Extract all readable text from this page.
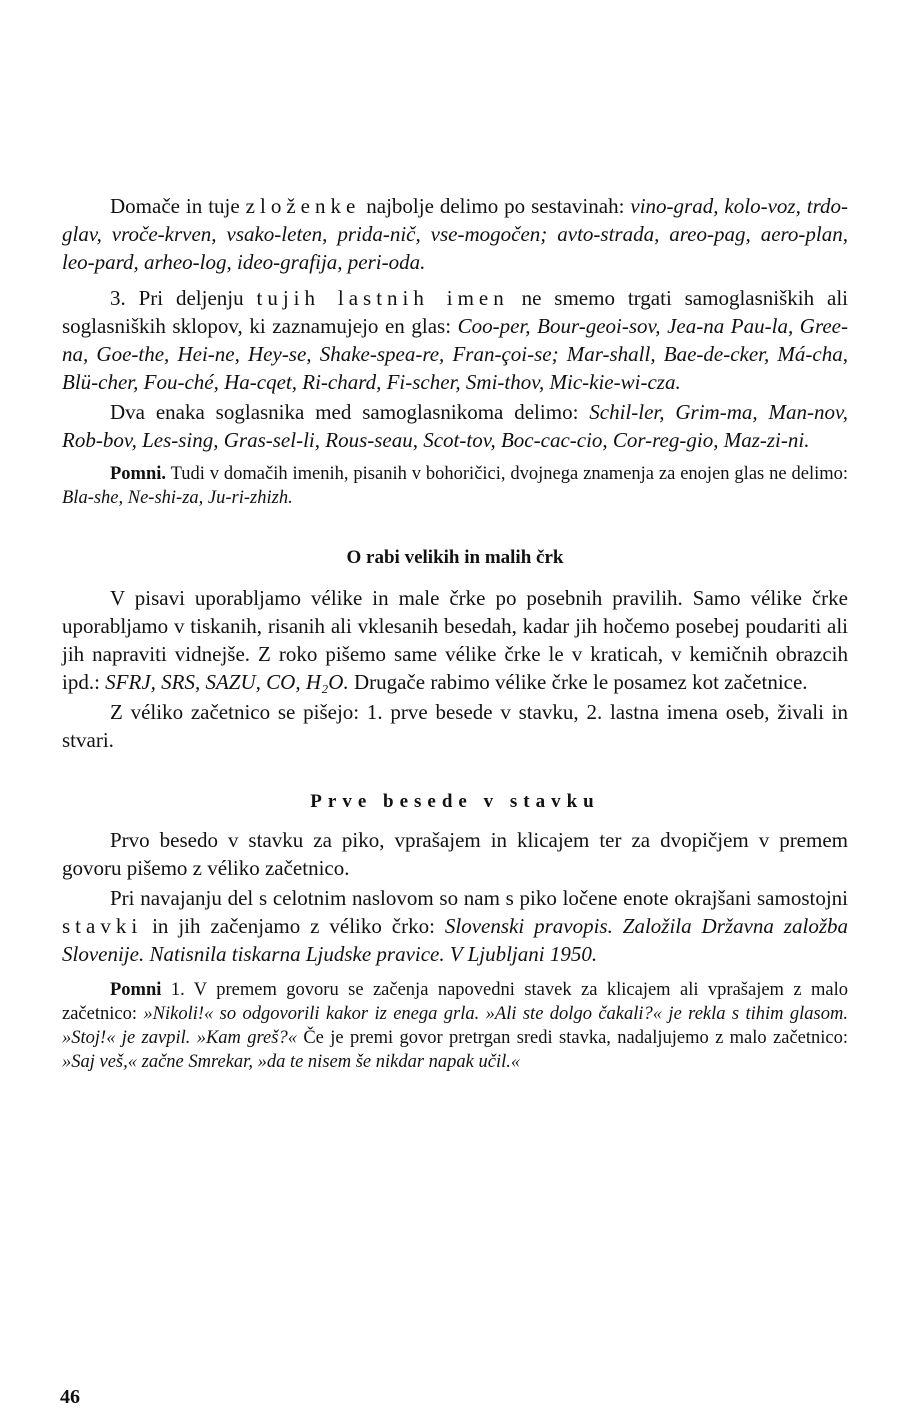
Domače in tuje zloženke najbolje delimo po sestavinah: vino-grad, kolo-voz, trdo-glav, vroče-krven, vsako-leten, prida-nič, vse-mogočen; avto-strada, areo-pag, aero-plan, leo-pard, arheo-log, ideo-grafija, peri-oda.

3. Pri deljenju tujih lastnih imen ne smemo trgati samoglasniških ali soglasniških sklopov, ki zaznamujejo en glas: Coo-per, Bour-geoi-sov, Jea-na Pau-la, Gree-na, Goe-the, Hei-ne, Hey-se, Shake-spea-re, Fran-çoi-se; Mar-shall, Bae-de-cker, Má-cha, Blü-cher, Fou-ché, Ha-cqet, Ri-chard, Fi-scher, Smi-thov, Mic-kie-wi-cza.

Dva enaka soglasnika med samoglasnikoma delimo: Schil-ler, Grim-ma, Man-nov, Rob-bov, Les-sing, Gras-sel-li, Rous-seau, Scot-tov, Boc-cac-cio, Cor-reg-gio, Maz-zi-ni.

Pomni. Tudi v domačih imenih, pisanih v bohoričici, dvojnega znamenja za enojen glas ne delimo: Bla-she, Ne-shi-za, Ju-ri-zhizh.

O rabi velikih in malih črk

V pisavi uporabljamo vélike in male črke po posebnih pravilih. Samo vélike črke uporabljamo v tiskanih, risanih ali vklesanih besedah, kadar jih hočemo posebej poudariti ali jih napraviti vidnejše. Z roko pišemo same vélike črke le v kraticah, v kemičnih obrazcih ipd.: SFRJ, SRS, SAZU, CO, H₂O. Drugače rabimo vélike črke le posamez kot začetnice.

Z véliko začetnico se pišejo: 1. prve besede v stavku, 2. lastna imena oseb, živali in stvari.

Prve besede v stavku

Prvo besedo v stavku za piko, vprašajem in klicajem ter za dvopičjem v premem govoru pišemo z véliko začetnico.

Pri navajanju del s celotnim naslovom so nam s piko ločene enote okrajšani samostojni stavki in jih začenjamo z véliko črko: Slovenski pravopis. Založila Državna založba Slovenije. Natisnila tiskarna Ljudske pravice. V Ljubljani 1950.

Pomni 1. V premem govoru se začenja napovedni stavek za klicajem ali vprašajem z malo začetnico: »Nikoli!« so odgovorili kakor iz enega grla. »Ali ste dolgo čakali?« je rekla s tihim glasom. »Stoj!« je zavpil. »Kam greš?« Če je premi govor pretrgan sredi stavka, nadaljujemo z malo začetnico: »Saj veš,« začne Smrekar, »da te nisem še nikdar napak učil.«

46
